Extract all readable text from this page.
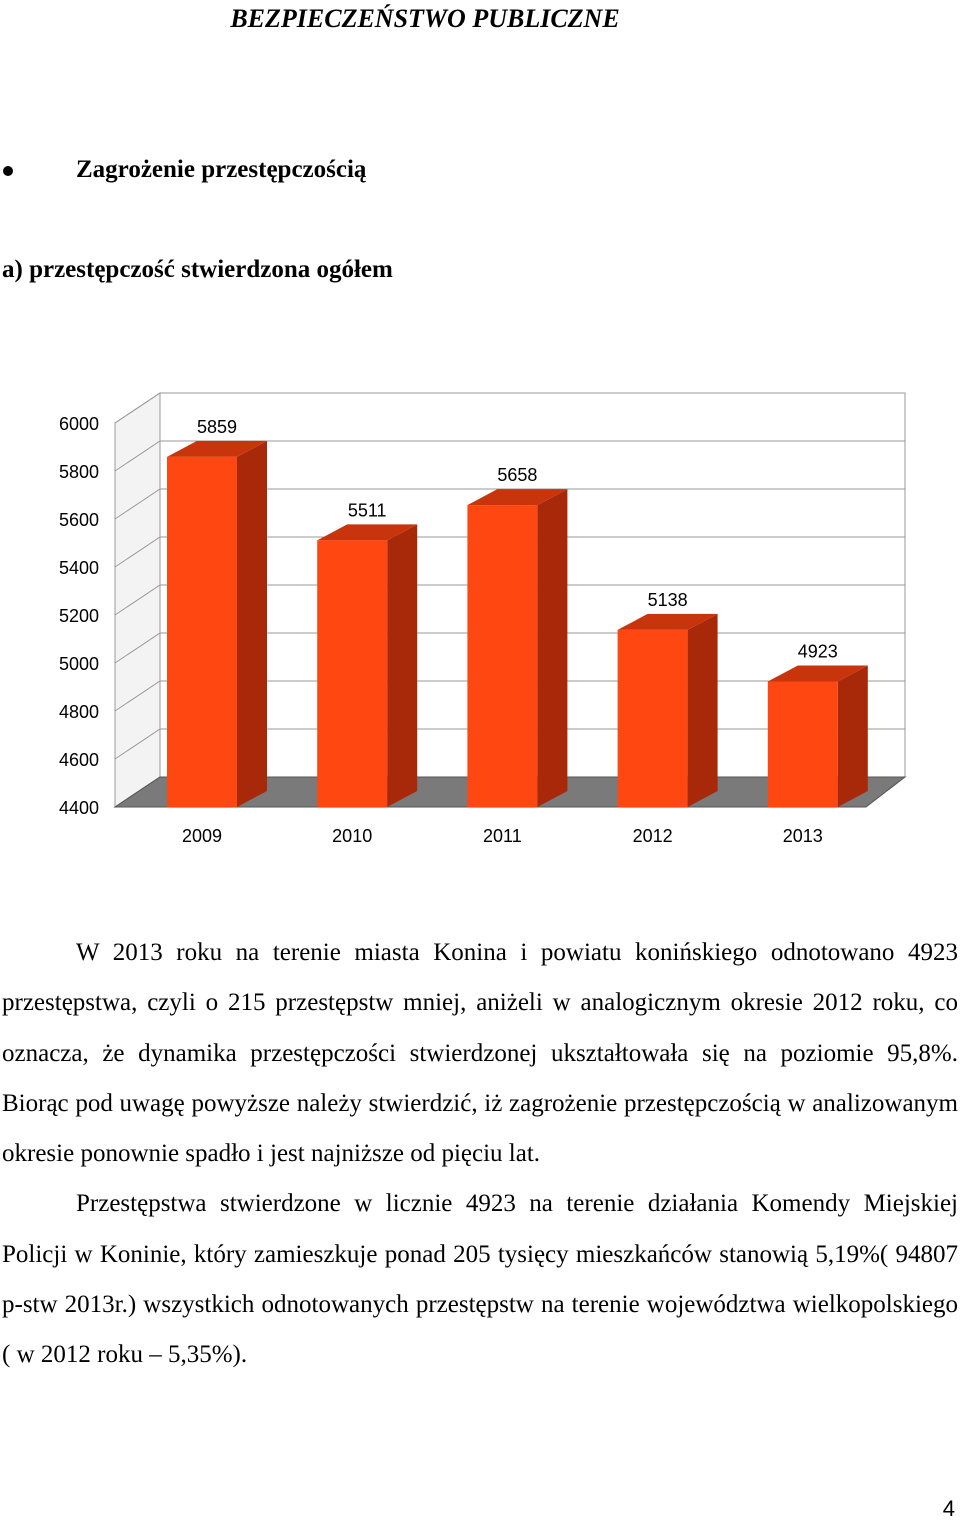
BEZPIECZEŃSTWO PUBLICZNE
Zagrożenie przestępczością
a) przestępczość stwierdzona ogółem
4400
4600
4800
5000
5200
5400
5600
5800
6000	5859
2009
5511
2010
5658
2011
5138
2012
4923
2013

W 2013 roku na terenie miasta Konina i powiatu konińskiego odnotowano 4923 przestępstwa, czyli o 215 przestępstw mniej, aniżeli w analogicznym okresie 2012 roku, co oznacza, że dynamika przestępczości stwierdzonej ukształtowała się na poziomie 95,8%. Biorąc pod uwagę powyższe należy stwierdzić, iż zagrożenie przestępczością w analizowanym okresie ponownie spadło i jest najniższe od pięciu lat.

Przestępstwa stwierdzone w licznie 4923 na terenie działania Komendy Miejskiej Policji w Koninie, który zamieszkuje ponad 205 tysięcy mieszkańców stanowią 5,19%( 94807 p-stw 2013r.) wszystkich odnotowanych przestępstw na terenie województwa wielkopolskiego ( w 2012 roku – 5,35%).

4
